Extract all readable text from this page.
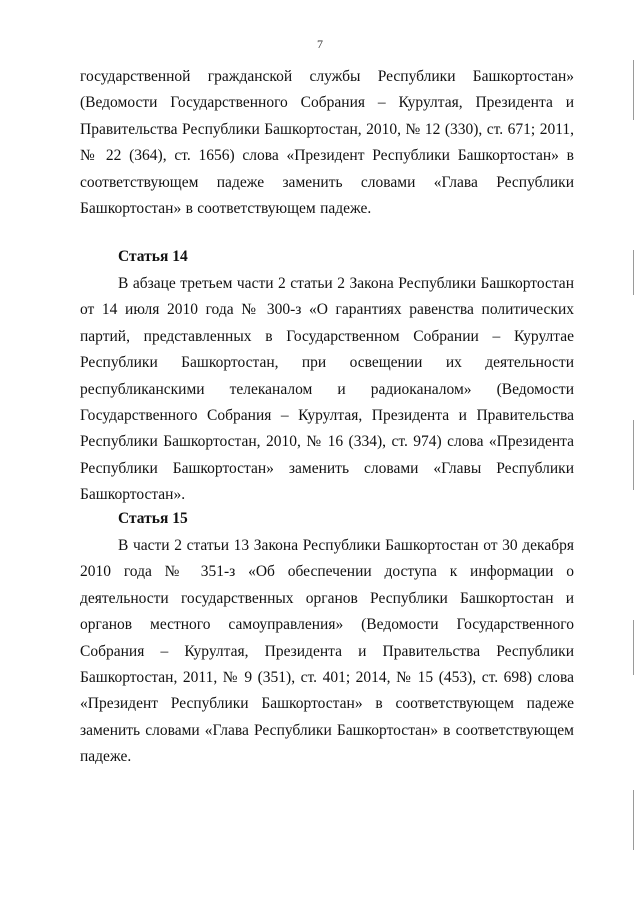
7

государственной гражданской службы Республики Башкортостан» (Ведомости Государственного Собрания – Курултая, Президента и Правительства Республики Башкортостан, 2010, № 12 (330), ст. 671; 2011, № 22 (364), ст. 1656) слова «Президент Республики Башкортостан» в соответствующем падеже заменить словами «Глава Республики Башкортостан» в соответствующем падеже.

Статья 14

В абзаце третьем части 2 статьи 2 Закона Республики Башкортостан от 14 июля 2010 года № 300-з «О гарантиях равенства политических партий, представленных в Государственном Собрании – Курултае Республики Башкортостан, при освещении их деятельности республиканскими телеканалом и радиоканалом» (Ведомости Государственного Собрания – Курултая, Президента и Правительства Республики Башкортостан, 2010, № 16 (334), ст. 974) слова «Президента Республики Башкортостан» заменить словами «Главы Республики Башкортостан».

Статья 15

В части 2 статьи 13 Закона Республики Башкортостан от 30 декабря 2010 года № 351-з «Об обеспечении доступа к информации о деятельности государственных органов Республики Башкортостан и органов местного самоуправления» (Ведомости Государственного Собрания – Курултая, Президента и Правительства Республики Башкортостан, 2011, № 9 (351), ст. 401; 2014, № 15 (453), ст. 698) слова «Президент Республики Башкортостан» в соответствующем падеже заменить словами «Глава Республики Башкортостан» в соответствующем падеже.
